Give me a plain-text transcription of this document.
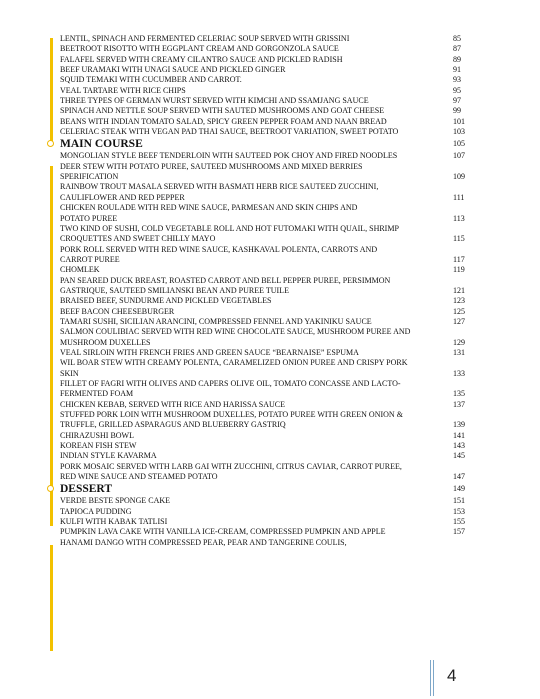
LENTIL, SPINACH AND FERMENTED CELERIAC SOUP SERVED WITH GRISSINI	85
BEETROOT RISOTTO WITH EGGPLANT CREAM AND GORGONZOLA SAUCE	87
FALAFEL SERVED WITH CREAMY CILANTRO SAUCE AND PICKLED RADISH	89
BEEF URAMAKI WITH UNAGI SAUCE AND PICKLED GINGER	91
SQUID TEMAKI WITH CUCUMBER AND CARROT.	93
VEAL TARTARE WITH RICE CHIPS	95
THREE TYPES OF GERMAN WURST SERVED WITH KIMCHI AND SSAMJANG SAUCE	97
SPINACH AND NETTLE SOUP SERVED WITH SAUTED MUSHROOMS AND GOAT CHEESE	99
BEANS WITH INDIAN TOMATO SALAD, SPICY GREEN PEPPER FOAM AND NAAN BREAD	101
CELERIAC STEAK WITH VEGAN PAD THAI SAUCE, BEETROOT VARIATION, SWEET POTATO	103
MAIN COURSE	105
MONGOLIAN STYLE BEEF TENDERLOIN WITH SAUTEED POK CHOY AND FIRED NOODLES	107
DEER STEW WITH POTATO PUREE, SAUTEED MUSHROOMS AND MIXED BERRIES
SPERIFICATION	109
RAINBOW TROUT MASALA SERVED WITH BASMATI HERB RICE SAUTEED ZUCCHINI,
CAULIFLOWER AND RED PEPPER	111
CHICKEN ROULADE WITH RED WINE SAUCE, PARMESAN AND SKIN CHIPS AND
POTATO PUREE	113
TWO KIND OF SUSHI, COLD VEGETABLE ROLL AND HOT FUTOMAKI WITH QUAIL, SHRIMP
CROQUETTES AND SWEET CHILLY MAYO	115
PORK ROLL SERVED WITH RED WINE SAUCE, KASHKAVAL POLENTA, CARROTS AND
CARROT PUREE	117
CHOMLEK	119
PAN SEARED DUCK BREAST, ROASTED CARROT AND BELL PEPPER PUREE, PERSIMMON
GASTRIQUE, SAUTEED SMILIANSKI BEAN AND PUREE TUILE	121
BRAISED BEEF, SUNDURME AND PICKLED VEGETABLES	123
BEEF BACON CHEESEBURGER	125
TAMARI SUSHI, SICILIAN ARANCINI, COMPRESSED FENNEL AND YAKINIKU SAUCE	127
SALMON COULIBIAC SERVED WITH RED WINE CHOCOLATE SAUCE, MUSHROOM PUREE AND
MUSHROOM DUXELLES	129
VEAL SIRLOIN WITH FRENCH FRIES AND GREEN SAUCE “BEARNAISE” ESPUMA	131
WIL BOAR STEW WITH CREAMY POLENTA, CARAMELIZED ONION PUREE AND CRISPY PORK
SKIN	133
FILLET OF FAGRI WITH OLIVES AND CAPERS OLIVE OIL, TOMATO CONCASSE AND LACTO-
FERMENTED FOAM	135
CHICKEN KEBAB, SERVED WITH RICE AND HARISSA SAUCE	137
STUFFED PORK LOIN WITH MUSHROOM DUXELLES, POTATO PUREE WITH GREEN ONION &
TRUFFLE, GRILLED ASPARAGUS AND BLUEBERRY GASTRIQ	139
CHIRAZUSHI BOWL	141
KOREAN FISH STEW	143
INDIAN STYLE KAVARMA	145
PORK MOSAIC SERVED WITH LARB GAI WITH ZUCCHINI, CITRUS CAVIAR, CARROT PUREE,
RED WINE SAUCE AND STEAMED POTATO	147
DESSERT	149
VERDE BESTE SPONGE CAKE	151
TAPIOCA PUDDING	153
KULFI WITH KABAK TATLISI	155
PUMPKIN LAVA CAKE WITH VANILLA ICE-CREAM, COMPRESSED PUMPKIN AND APPLE	157
HANAMI DANGO WITH COMPRESSED PEAR, PEAR AND TANGERINE COULIS,
4
